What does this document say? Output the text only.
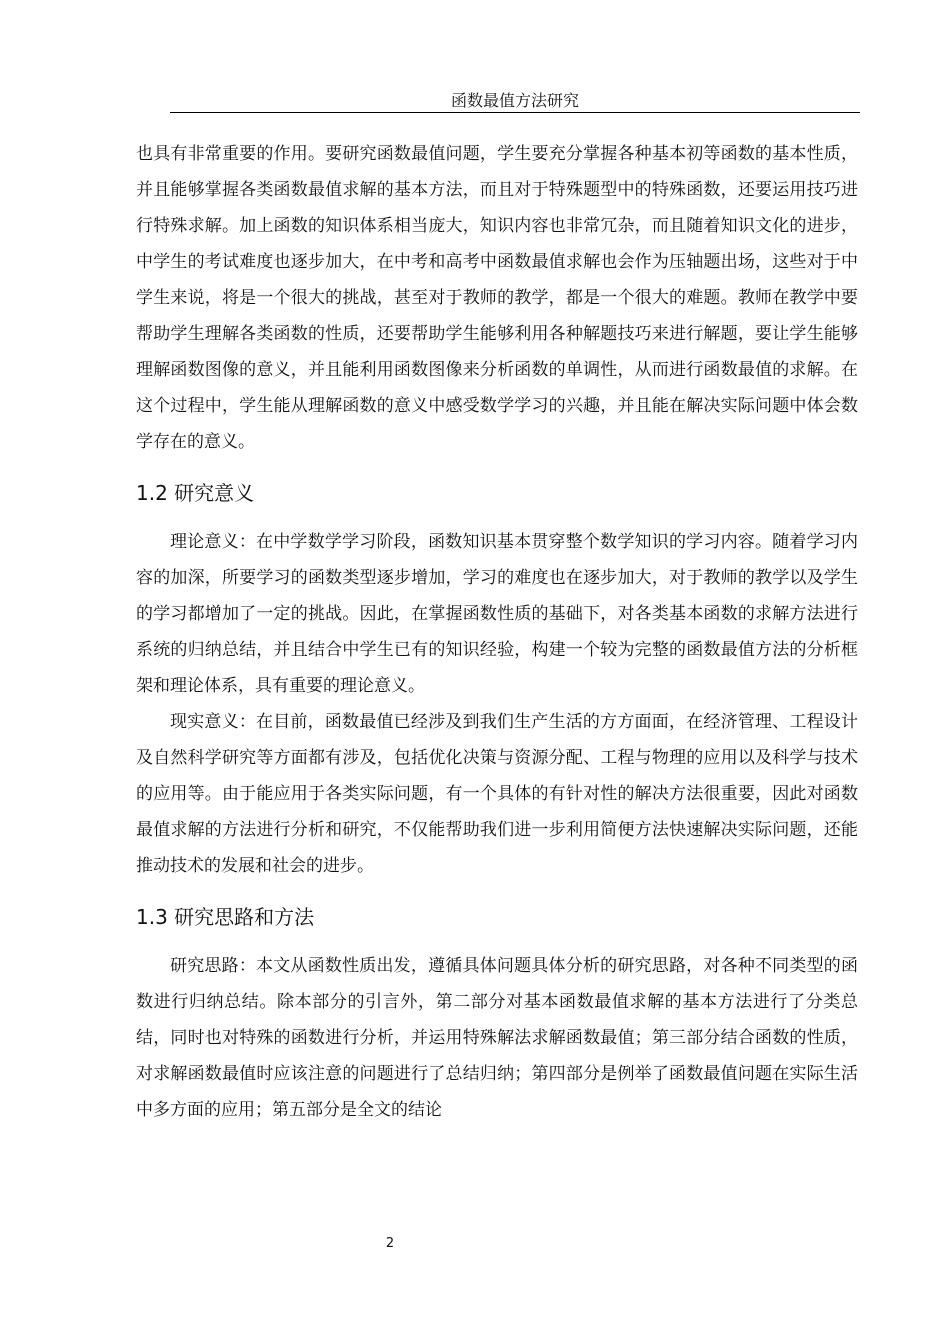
函数最值方法研究

也具有非常重要的作用。要研究函数最值问题，学生要充分掌握各种基本初等函数的基本性质，并且能够掌握各类函数最值求解的基本方法，而且对于特殊题型中的特殊函数，还要运用技巧进行特殊求解。加上函数的知识体系相当庞大，知识内容也非常冗杂，而且随着知识文化的进步，中学生的考试难度也逐步加大，在中考和高考中函数最值求解也会作为压轴题出场，这些对于中学生来说，将是一个很大的挑战，甚至对于教师的教学，都是一个很大的难题。教师在教学中要帮助学生理解各类函数的性质，还要帮助学生能够利用各种解题技巧来进行解题，要让学生能够理解函数图像的意义，并且能利用函数图像来分析函数的单调性，从而进行函数最值的求解。在这个过程中，学生能从理解函数的意义中感受数学学习的兴趣，并且能在解决实际问题中体会数学存在的意义。

1.2 研究意义

理论意义：在中学数学学习阶段，函数知识基本贯穿整个数学知识的学习内容。随着学习内容的加深，所要学习的函数类型逐步增加，学习的难度也在逐步加大，对于教师的教学以及学生的学习都增加了一定的挑战。因此，在掌握函数性质的基础下，对各类基本函数的求解方法进行系统的归纳总结，并且结合中学生已有的知识经验，构建一个较为完整的函数最值方法的分析框架和理论体系，具有重要的理论意义。

现实意义：在目前，函数最值已经涉及到我们生产生活的方方面面，在经济管理、工程设计及自然科学研究等方面都有涉及，包括优化决策与资源分配、工程与物理的应用以及科学与技术的应用等。由于能应用于各类实际问题，有一个具体的有针对性的解决方法很重要，因此对函数最值求解的方法进行分析和研究，不仅能帮助我们进一步利用简便方法快速解决实际问题，还能推动技术的发展和社会的进步。

1.3 研究思路和方法

研究思路：本文从函数性质出发，遵循具体问题具体分析的研究思路，对各种不同类型的函数进行归纳总结。除本部分的引言外，第二部分对基本函数最值求解的基本方法进行了分类总结，同时也对特殊的函数进行分析，并运用特殊解法求解函数最值；第三部分结合函数的性质，对求解函数最值时应该注意的问题进行了总结归纳；第四部分是例举了函数最值问题在实际生活中多方面的应用；第五部分是全文的结论

2
